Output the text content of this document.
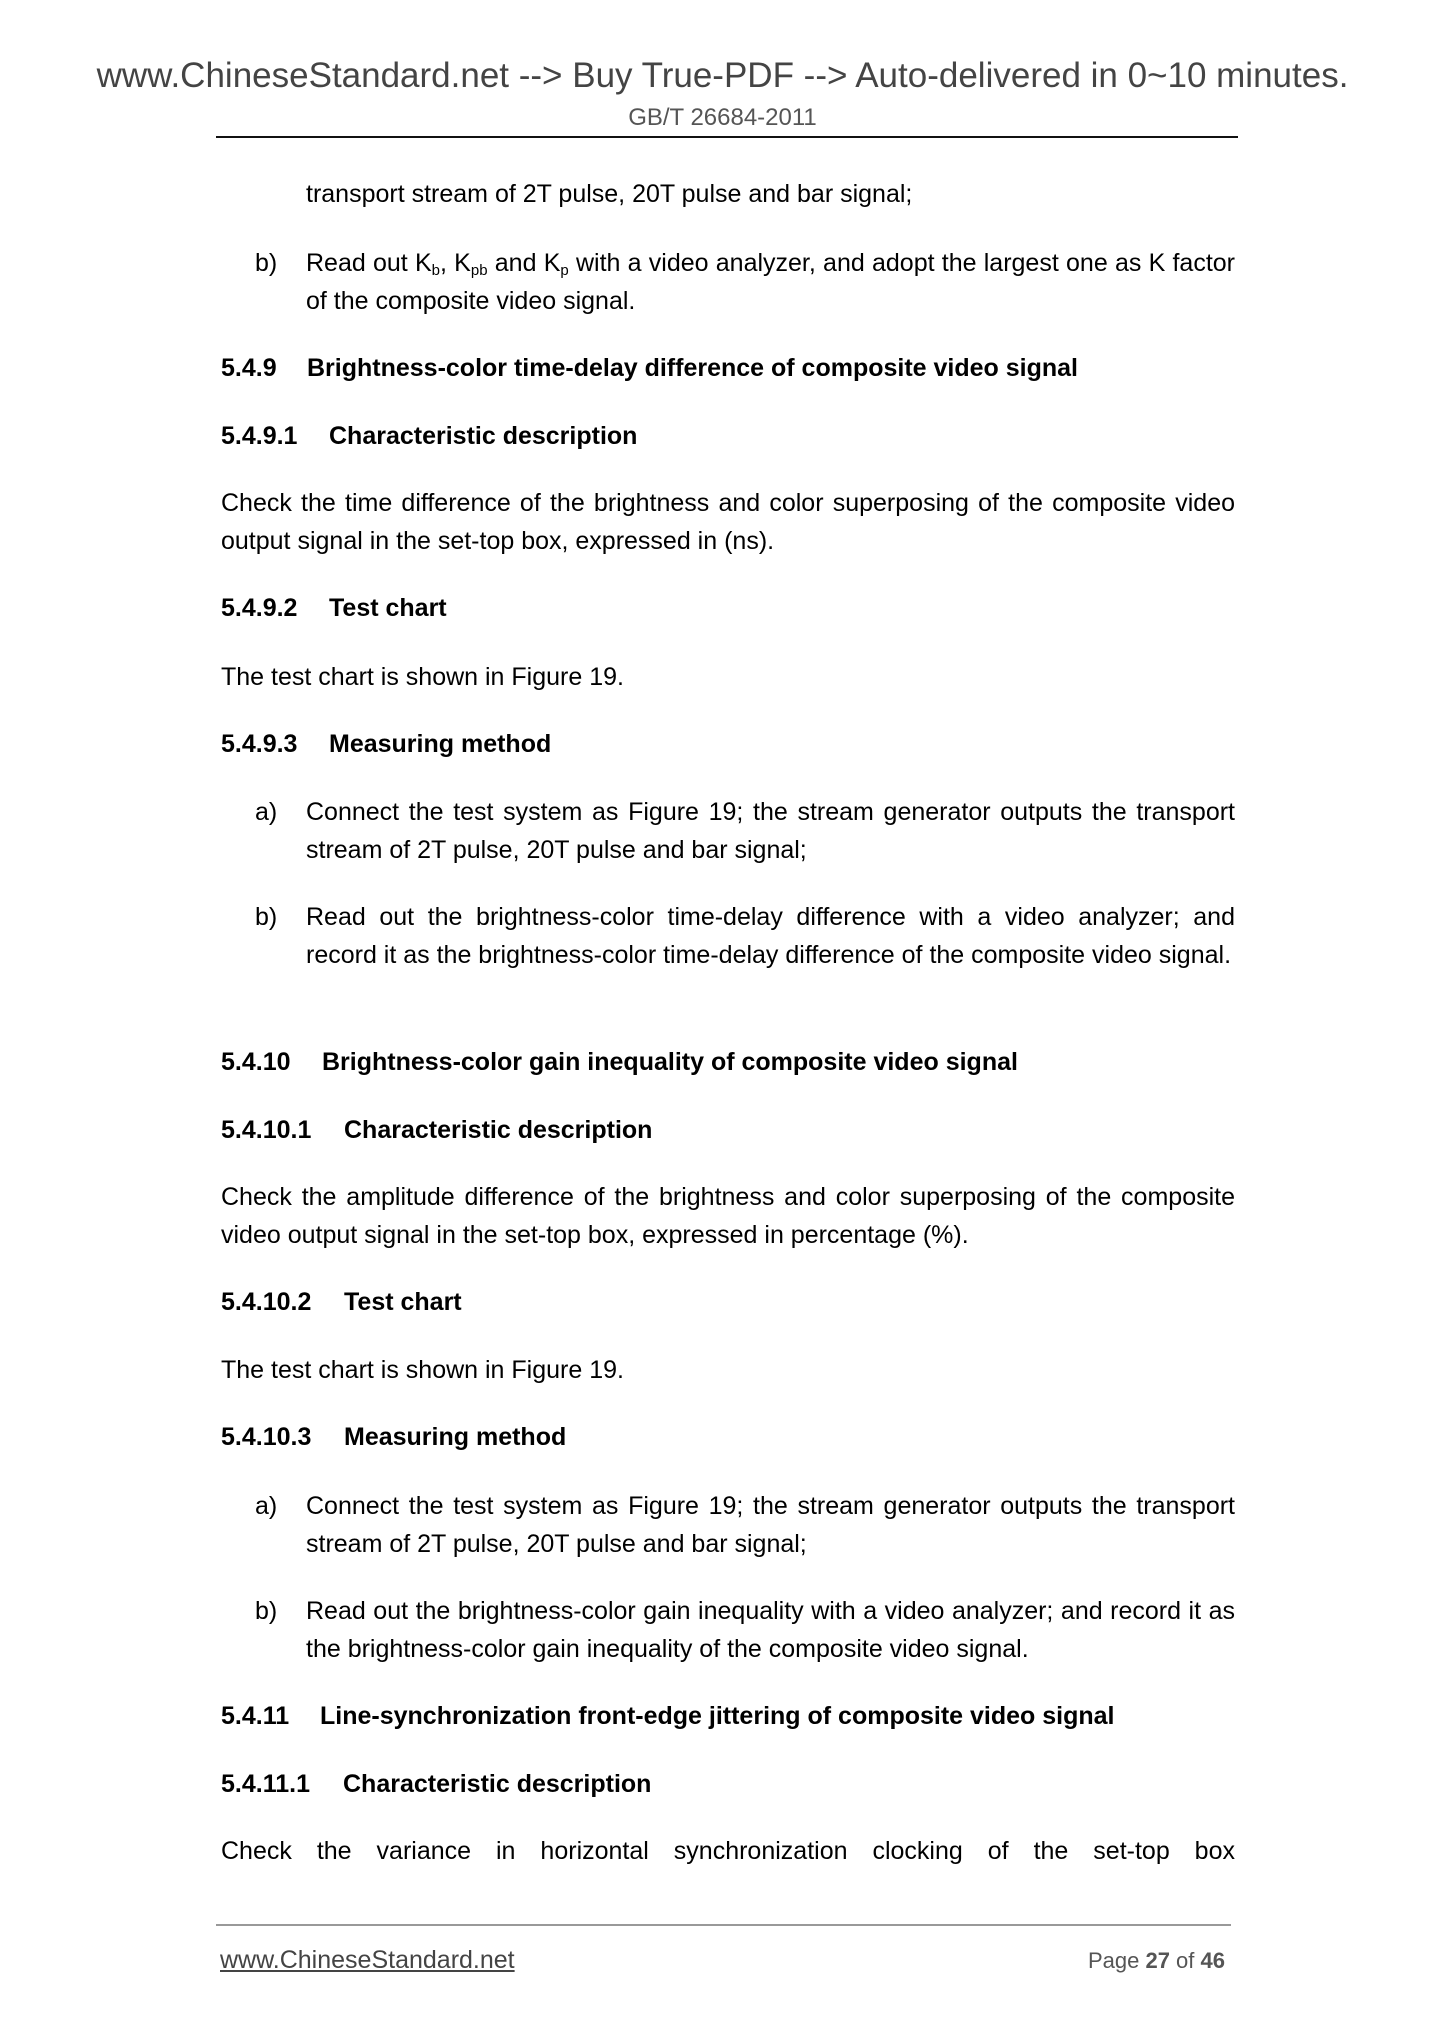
www.ChineseStandard.net --> Buy True-PDF --> Auto-delivered in 0~10 minutes.
GB/T 26684-2011
transport stream of 2T pulse, 20T pulse and bar signal;
b) Read out $K_b$, $K_{pb}$ and $K_p$ with a video analyzer, and adopt the largest one as K factor of the composite video signal.
5.4.9 Brightness-color time-delay difference of composite video signal
5.4.9.1 Characteristic description
Check the time difference of the brightness and color superposing of the composite video output signal in the set-top box, expressed in (ns).
5.4.9.2 Test chart
The test chart is shown in Figure 19.
5.4.9.3 Measuring method
a) Connect the test system as Figure 19; the stream generator outputs the transport stream of 2T pulse, 20T pulse and bar signal;
b) Read out the brightness-color time-delay difference with a video analyzer; and record it as the brightness-color time-delay difference of the composite video signal.
5.4.10 Brightness-color gain inequality of composite video signal
5.4.10.1 Characteristic description
Check the amplitude difference of the brightness and color superposing of the composite video output signal in the set-top box, expressed in percentage (%).
5.4.10.2 Test chart
The test chart is shown in Figure 19.
5.4.10.3 Measuring method
a) Connect the test system as Figure 19; the stream generator outputs the transport stream of 2T pulse, 20T pulse and bar signal;
b) Read out the brightness-color gain inequality with a video analyzer; and record it as the brightness-color gain inequality of the composite video signal.
5.4.11 Line-synchronization front-edge jittering of composite video signal
5.4.11.1 Characteristic description
Check the variance in horizontal synchronization clocking of the set-top box
www.ChineseStandard.net	Page 27 of 46
